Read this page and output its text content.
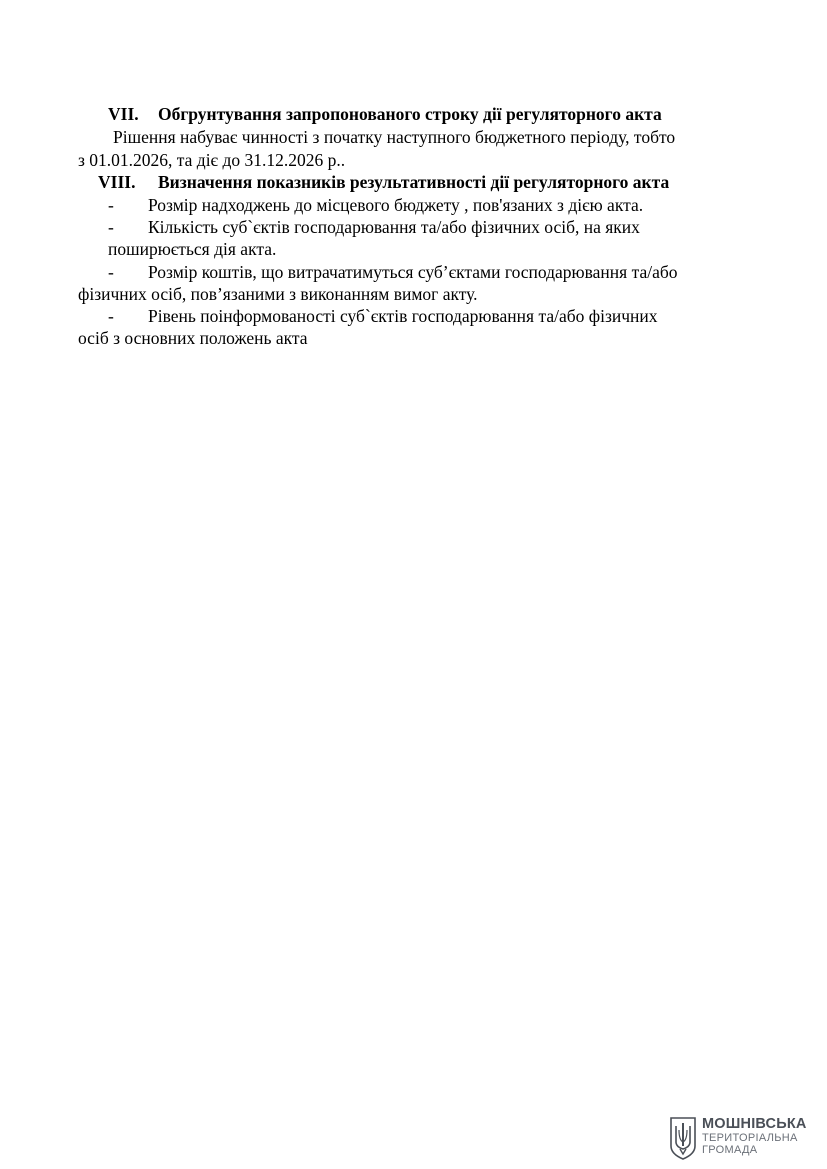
VII. Обгрунтування запропонованого строку дії регуляторного акта
Рішення набуває чинності з початку наступного бюджетного періоду, тобто
з 01.01.2026, та діє до 31.12.2026 р..
VIII. Визначення показників результативності дії регуляторного акта
- Розмір надходжень до місцевого бюджету , пов'язаних з дією акта.
- Кількість суб`єктів господарювання та/або фізичних осіб, на яких
поширюється дія акта.
- Розмір коштів, що витрачатимуться суб’єктами господарювання та/або
фізичних осіб, пов’язаними з виконанням вимог акту.
- Рівень поінформованості суб`єктів господарювання та/або фізичних
осіб з основних положень акта
МОШНІВСЬКА
ТЕРИТОРІАЛЬНА
ГРОМАДА
